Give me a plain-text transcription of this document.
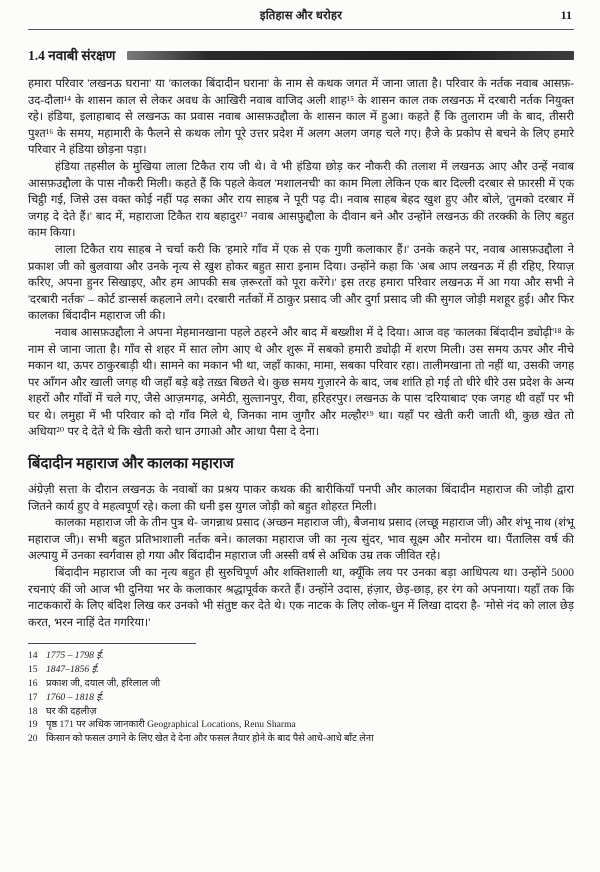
इतिहास और धरोहर	11
1.4 नवाबी संरक्षण

हमारा परिवार 'लखनऊ घराना' या 'कालका बिंदादीन घराना' के नाम से कथक जगत में जाना जाता है। परिवार के नर्तक नवाब आसफ़-उद-दौला¹⁴ के शासन काल से लेकर अवध के आखिरी नवाब वाजिद अली शाह¹⁵ के शासन काल तक लखनऊ में दरबारी नर्तक नियुक्त रहे। हंडिया, इलाहाबाद से लखनऊ का प्रवास नवाब आसफ़उद्दौला के शासन काल में हुआ। कहते हैं कि तुलाराम जी के बाद, तीसरी पुश्त¹⁶ के समय, महामारी के फैलने से कथक लोग पूरे उत्तर प्रदेश में अलग अलग जगह चले गए। हैजे के प्रकोप से बचने के लिए हमारे परिवार ने हंडिया छोड़ना पड़ा।

हंडिया तहसील के मुखिया लाला टिकैत राय जी थे। वे भी हंडिया छोड़ कर नौकरी की तलाश में लखनऊ आए और उन्हें नवाब आसफ़उद्दौला के पास नौकरी मिली। कहते हैं कि पहले केवल 'मशालनची' का काम मिला लेकिन एक बार दिल्ली दरबार से फ़ारसी में एक चिट्ठी गई, जिसे उस वक्त कोई नहीं पढ़ सका और राय साहब ने पूरी पढ़ दी। नवाब साहब बेहद खुश हुए और बोले, 'तुमको दरबार में जगह दे देते हैं।' बाद में, महाराजा टिकैत राय बहादुर¹⁷ नवाब आसफ़ुद्दौला के दीवान बने और उन्होंने लखनऊ की तरक्की के लिए बहुत काम किया।

लाला टिकैत राय साहब ने चर्चा करी कि 'हमारे गाँव में एक से एक गुणी कलाकार हैं।' उनके कहने पर, नवाब आसफ़उद्दौला ने प्रकाश जी को बुलवाया और उनके नृत्य से खुश होकर बहुत सारा इनाम दिया। उन्होंने कहा कि 'अब आप लखनऊ में ही रहिए, रियाज़ करिए, अपना हुनर सिखाइए, और हम आपकी सब ज़रूरतों को पूरा करेंगे।' इस तरह हमारा परिवार लखनऊ में आ गया और सभी ने 'दरबारी नर्तक' – कोर्ट डान्सर्स कहलाने लगे। दरबारी नर्तकों में ठाकुर प्रसाद जी और दुर्गा प्रसाद जी की सुगल जोड़ी मशहूर हुई। और फिर कालका बिंदादीन महाराज जी की।

नवाब आसफ़उद्दौला ने अपना मेहमानखाना पहले ठहरने और बाद में बख्शीश में दे दिया। आज वह 'कालका बिंदादीन ड्योढ़ी'¹⁸ के नाम से जाना जाता है। गाँव से शहर में सात लोग आए थे और शुरू में सबको हमारी ड्योढ़ी में शरण मिली। उस समय ऊपर और नीचे मकान था, ऊपर ठाकुरबाड़ी थी। सामने का मकान भी था, जहाँ काका, मामा, सबका परिवार रहा। तालीमखाना तो नहीं था, उसकी जगह पर आँगन और खाली जगह थी जहाँ बड़े बड़े तख़्त बिछते थे। कुछ समय गुज़ारने के बाद, जब शांति हो गई तो धीरे धीरे उस प्रदेश के अन्य शहरों और गाँवों में चले गए, जैसे आज़मगढ़, अमेठी, सुल्तानपुर, रीवा, हरिहरपुर। लखनऊ के पास 'दरियाबाद' एक जगह थी वहाँ पर भी घर थे। लमुहा में भी परिवार को दो गाँव मिले थे, जिनका नाम जुगौर और मल्हौर¹⁹ था। यहाँ पर खेती करी जाती थी, कुछ खेत तो अधिया²⁰ पर दे देते थे कि खेती करो धान उगाओ और आधा पैसा दे देना।

बिंदादीन महाराज और कालका महाराज

अंग्रेज़ी सत्ता के दौरान लखनऊ के नवाबों का प्रश्रय पाकर कथक की बारीकियाँ पनपी और कालका बिंदादीन महाराज की जोड़ी द्वारा जितने कार्य हुए वे महत्वपूर्ण रहे। कला की धनी इस युगल जोड़ी को बहुत शोहरत मिली।

कालका महाराज जी के तीन पुत्र थे- जगन्नाथ प्रसाद (अच्छन महाराज जी), बैजनाथ प्रसाद (लच्छू महाराज जी) और शंभू नाथ (शंभू महाराज जी)। सभी बहुत प्रतिभाशाली नर्तक बने। कालका महाराज जी का नृत्य सुंदर, भाव सूक्ष्म और मनोरम था। पैंतालिस वर्ष की अल्पायु में उनका स्वर्गवास हो गया और बिंदादीन महाराज जी अस्सी वर्ष से अधिक उम्र तक जीवित रहे।

बिंदादीन महाराज जी का नृत्य बहुत ही सुरुचिपूर्ण और शक्तिशाली था, क्यूँकि लय पर उनका बड़ा आधिपत्य था। उन्होंने 5000 रचनाएं कीं जो आज भी दुनिया भर के कलाकार श्रद्धापूर्वक करते हैं। उन्होंने उदास, हंज़ार, छेड़-छाड़, हर रंग को अपनाया। यहाँ तक कि नाटककारों के लिए बंदिश लिख कर उनको भी संतुष्ट कर देते थे। एक नाटक के लिए लोक-धुन में लिखा दादरा है- 'मोसे नंद को लाल छेड़ करत, भरन नाहिं देत गगरिया।'

14 1775 – 1798 ई.
15 1847–1856 ई.
16 प्रकाश जी, दयाल जी, हरिलाल जी
17 1760 – 1818 ई.
18 घर की दहलीज़
19 पृष्ठ 171 पर अधिक जानकारी Geographical Locations, Renu Sharma
20 किसान को फसल उगाने के लिए खेत दे देना और फसल तैयार होने के बाद पैसे आधे-आधे बाँट लेना
